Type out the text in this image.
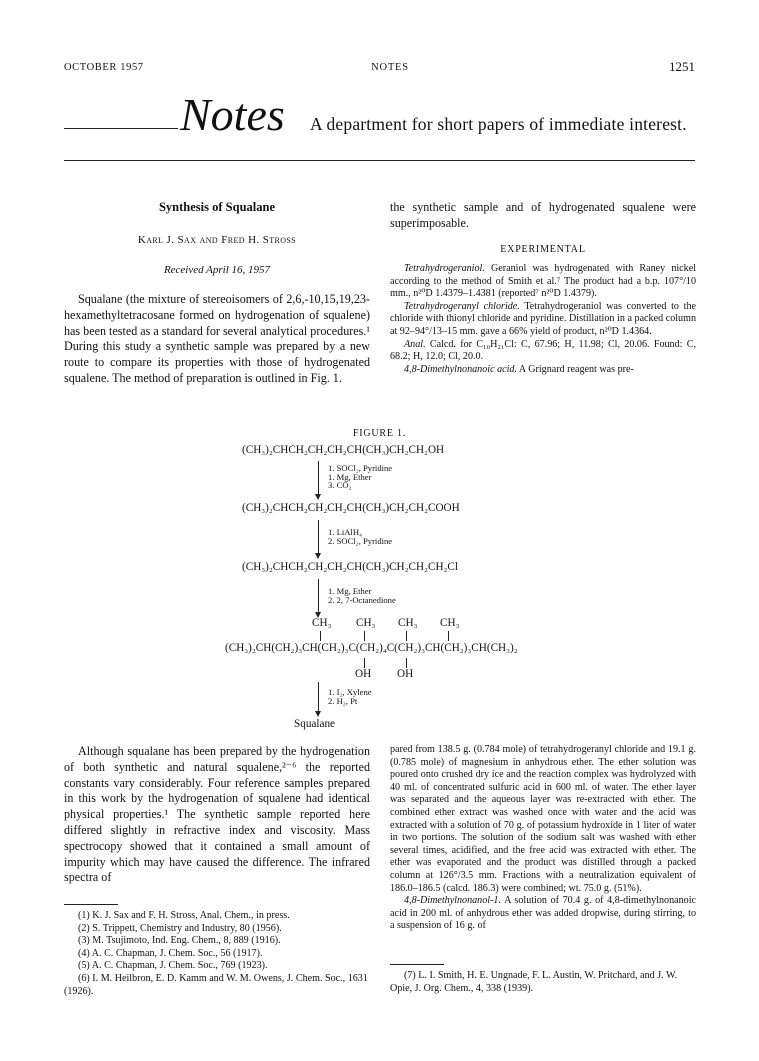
OCTOBER 1957	NOTES	1251
Notes A department for short papers of immediate interest.
Synthesis of Squalane
Karl J. Sax and Fred H. Stross
Received April 16, 1957

Squalane (the mixture of stereoisomers of 2,6,-10,15,19,23-hexamethyltetracosane formed on hydrogenation of squalene) has been tested as a standard for several analytical procedures.¹ During this study a synthetic sample was prepared by a new route to compare its properties with those of hydrogenated squalene. The method of preparation is outlined in Fig. 1.

the synthetic sample and of hydrogenated squalene were superimposable.

EXPERIMENTAL

Tetrahydrogeraniol. Geraniol was hydrogenated with Raney nickel according to the method of Smith et al.⁷ The product had a b.p. 107°/10 mm., n²⁰D 1.4379–1.4381 (reported⁷ n²⁰D 1.4379).

Tetrahydrogeranyl chloride. Tetrahydrogeraniol was converted to the chloride with thionyl chloride and pyridine. Distillation in a packed column at 92–94°/13–15 mm. gave a 66% yield of product, n²⁰D 1.4364.

Anal. Calcd. for C₁₀H₂₁Cl: C, 67.96; H, 11.98; Cl, 20.06. Found: C, 68.2; H, 12.0; Cl, 20.0.

4,8-Dimethylnonanoic acid. A Grignard reagent was pre-

FIGURE 1.
(CH₃)₂CHCH₂CH₂CH₂CH(CH₃)CH₂CH₂OH
1. SOCl₂, Pyridine
1. Mg, Ether
3. CO₂
(CH₃)₂CHCH₂CH₂CH₂CH(CH₃)CH₂CH₂COOH
1. LiAlH₄
2. SOCl₂, Pyridine
(CH₃)₂CHCH₂CH₂CH₂CH(CH₃)CH₂CH₂CH₂Cl
1. Mg, Ether
2. 2, 7-Octanedione
CH₃ CH₃ CH₃ CH₃
(CH₃)₂CH(CH₂)₃CH(CH₂)₃C(CH₂)₄C(CH₂)₃CH(CH₂)₃CH(CH₃)₂
OH OH
1. I₂, Xylene
2. H₂, Pt
Squalane

Although squalane has been prepared by the hydrogenation of both synthetic and natural squalene,²⁻⁶ the reported constants vary considerably. Four reference samples prepared in this work by the hydrogenation of squalene had identical physical properties.¹ The synthetic sample reported here differed slightly in refractive index and viscosity. Mass spectrocopy showed that it contained a small amount of impurity which may have caused the difference. The infrared spectra of

(1) K. J. Sax and F. H. Stross, Anal. Chem., in press.

(2) S. Trippett, Chemistry and Industry, 80 (1956).

(3) M. Tsujimoto, Ind. Eng. Chem., 8, 889 (1916).

(4) A. C. Chapman, J. Chem. Soc., 56 (1917).

(5) A. C. Chapman, J. Chem. Soc., 769 (1923).

(6) I. M. Heilbron, E. D. Kamm and W. M. Owens, J. Chem. Soc., 1631 (1926).

pared from 138.5 g. (0.784 mole) of tetrahydrogeranyl chloride and 19.1 g. (0.785 mole) of magnesium in anhydrous ether. The ether solution was poured onto crushed dry ice and the reaction complex was hydrolyzed with 40 ml. of concentrated sulfuric acid in 600 ml. of water. The ether layer was separated and the aqueous layer was re-extracted with ether. The combined ether extract was washed once with water and the acid was extracted with a solution of 70 g. of potassium hydroxide in 1 liter of water in two portions. The solution of the sodium salt was washed with ether several times, acidified, and the free acid was extracted with ether. The ether was evaporated and the product was distilled through a packed column at 126°/3.5 mm. Fractions with a neutralization equivalent of 186.0–186.5 (calcd. 186.3) were combined; wt. 75.0 g. (51%).

4,8-Dimethylnonanol-1. A solution of 70.4 g. of 4,8-dimethylnonanoic acid in 200 ml. of anhydrous ether was added dropwise, during stirring, to a suspension of 16 g. of

(7) L. I. Smith, H. E. Ungnade, F. L. Austin, W. Pritchard, and J. W. Opie, J. Org. Chem., 4, 338 (1939).
